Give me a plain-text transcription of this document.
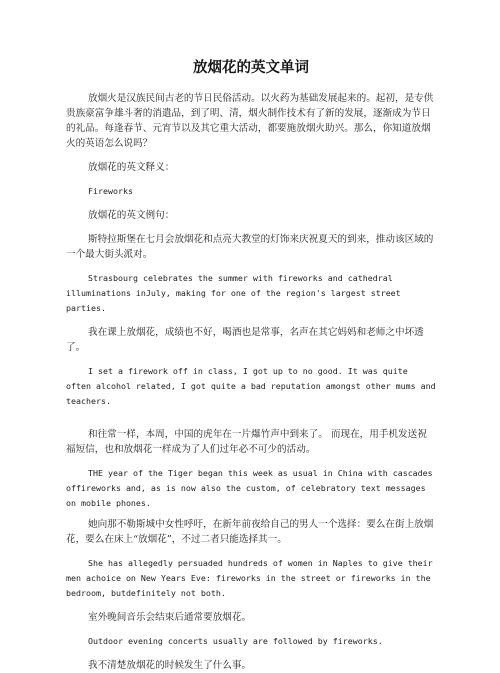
放烟花的英文单词

放烟火是汉族民间古老的节日民俗活动。以火药为基础发展起来的。起初，是专供贵族豪富争雄斗奢的消遣品，到了明、清，烟火制作技术有了新的发展，逐渐成为节日的礼品。每逢春节、元宵节以及其它重大活动，都要施放烟火助兴。那么，你知道放烟火的英语怎么说吗？

放烟花的英文释义：

Fireworks

放烟花的英文例句：

斯特拉斯堡在七月会放烟花和点亮大教堂的灯饰来庆祝夏天的到来，推动该区域的一个最大街头派对。

Strasbourg celebrates the summer with fireworks and cathedral illuminations inJuly, making for one of the region's largest street parties.

我在课上放烟花，成绩也不好，喝酒也是常事，名声在其它妈妈和老师之中坏透了。

I set a firework off in class, I got up to no good. It was quite often alcohol related, I got quite a bad reputation amongst other mums and teachers.

和往常一样，本周，中国的虎年在一片爆竹声中到来了。 而现在，用手机发送祝福短信，也和放烟花一样成为了人们过年必不可少的活动。

THE year of the Tiger began this week as usual in China with cascades offireworks and, as is now also the custom, of celebratory text messages on mobile phones.

她向那不勒斯城中女性呼吁，在新年前夜给自己的男人一个选择：要么在街上放烟花，要么在床上“放烟花”，不过二者只能选择其一。

She has allegedly persuaded hundreds of women in Naples to give their men achoice on New Years Eve: fireworks in the street or fireworks in the bedroom, butdefinitely not both.

室外晚间音乐会结束后通常要放烟花。

Outdoor evening concerts usually are followed by fireworks.

我不清楚放烟花的时候发生了什么事。
